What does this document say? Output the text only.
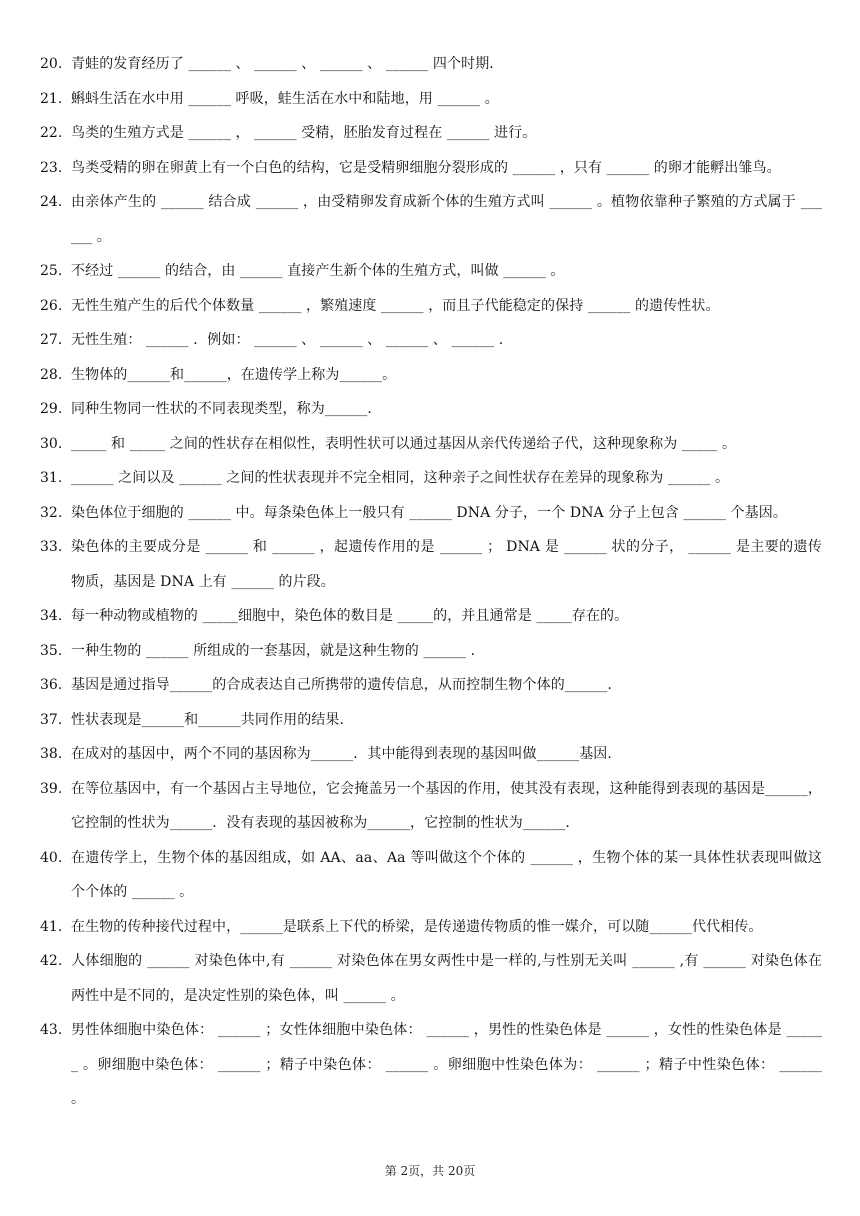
20. 青蛙的发育经历了 ______ 、 ______ 、 ______ 、 ______ 四个时期.
21. 蝌蚪生活在水中用 ______ 呼吸，蛙生活在水中和陆地，用 ______ 。
22. 鸟类的生殖方式是 ______ ， ______ 受精，胚胎发育过程在 ______ 进行。
23. 鸟类受精的卵在卵黄上有一个白色的结构，它是受精卵细胞分裂形成的 ______ ，只有 ______ 的卵才能孵出雏鸟。
24. 由亲体产生的 ______ 结合成 ______ ，由受精卵发育成新个体的生殖方式叫 ______ 。植物依靠种子繁殖的方式属于 ______ 。
25. 不经过 ______ 的结合，由 ______ 直接产生新个体的生殖方式，叫做 ______ 。
26. 无性生殖产生的后代个体数量 ______ ，繁殖速度 ______ ，而且子代能稳定的保持 ______ 的遗传性状。
27. 无性生殖： ______ ．例如： ______ 、 ______ 、 ______ 、 ______ .
28. 生物体的______和______，在遗传学上称为______。
29. 同种生物同一性状的不同表现类型，称为______.
30. _____ 和 _____ 之间的性状存在相似性，表明性状可以通过基因从亲代传递给子代，这种现象称为 _____ 。
31. ______ 之间以及 ______ 之间的性状表现并不完全相同，这种亲子之间性状存在差异的现象称为 ______ 。
32. 染色体位于细胞的 ______ 中。每条染色体上一般只有 ______ DNA 分子，一个 DNA 分子上包含 ______ 个基因。
33. 染色体的主要成分是 ______ 和 ______ ，起遗传作用的是 ______ ； DNA 是 ______ 状的分子， ______ 是主要的遗传物质，基因是 DNA 上有 ______ 的片段。
34. 每一种动物或植物的 _____细胞中，染色体的数目是 _____的，并且通常是 _____存在的。
35. 一种生物的 ______ 所组成的一套基因，就是这种生物的 ______ .
36. 基因是通过指导______的合成表达自己所携带的遗传信息，从而控制生物个体的______.
37. 性状表现是______和______共同作用的结果.
38. 在成对的基因中，两个不同的基因称为______．其中能得到表现的基因叫做______基因.
39. 在等位基因中，有一个基因占主导地位，它会掩盖另一个基因的作用，使其没有表现，这种能得到表现的基因是______，它控制的性状为______．没有表现的基因被称为______，它控制的性状为______.
40. 在遗传学上，生物个体的基因组成，如 AA、aa、Aa 等叫做这个个体的 ______ ，生物个体的某一具体性状表现叫做这个个体的 ______ 。
41. 在生物的传种接代过程中，______是联系上下代的桥梁，是传递遗传物质的惟一媒介，可以随______代代相传。
42. 人体细胞的 ______ 对染色体中,有 ______ 对染色体在男女两性中是一样的,与性别无关叫 ______ ,有 ______ 对染色体在两性中是不同的，是决定性别的染色体，叫 ______ 。
43. 男性体细胞中染色体： ______ ；女性体细胞中染色体： ______ ，男性的性染色体是 ______ ，女性的性染色体是 ______ 。卵细胞中染色体： ______ ；精子中染色体： ______ 。卵细胞中性染色体为： ______ ；精子中性染色体： ______ 。
第 2页，共 20页
